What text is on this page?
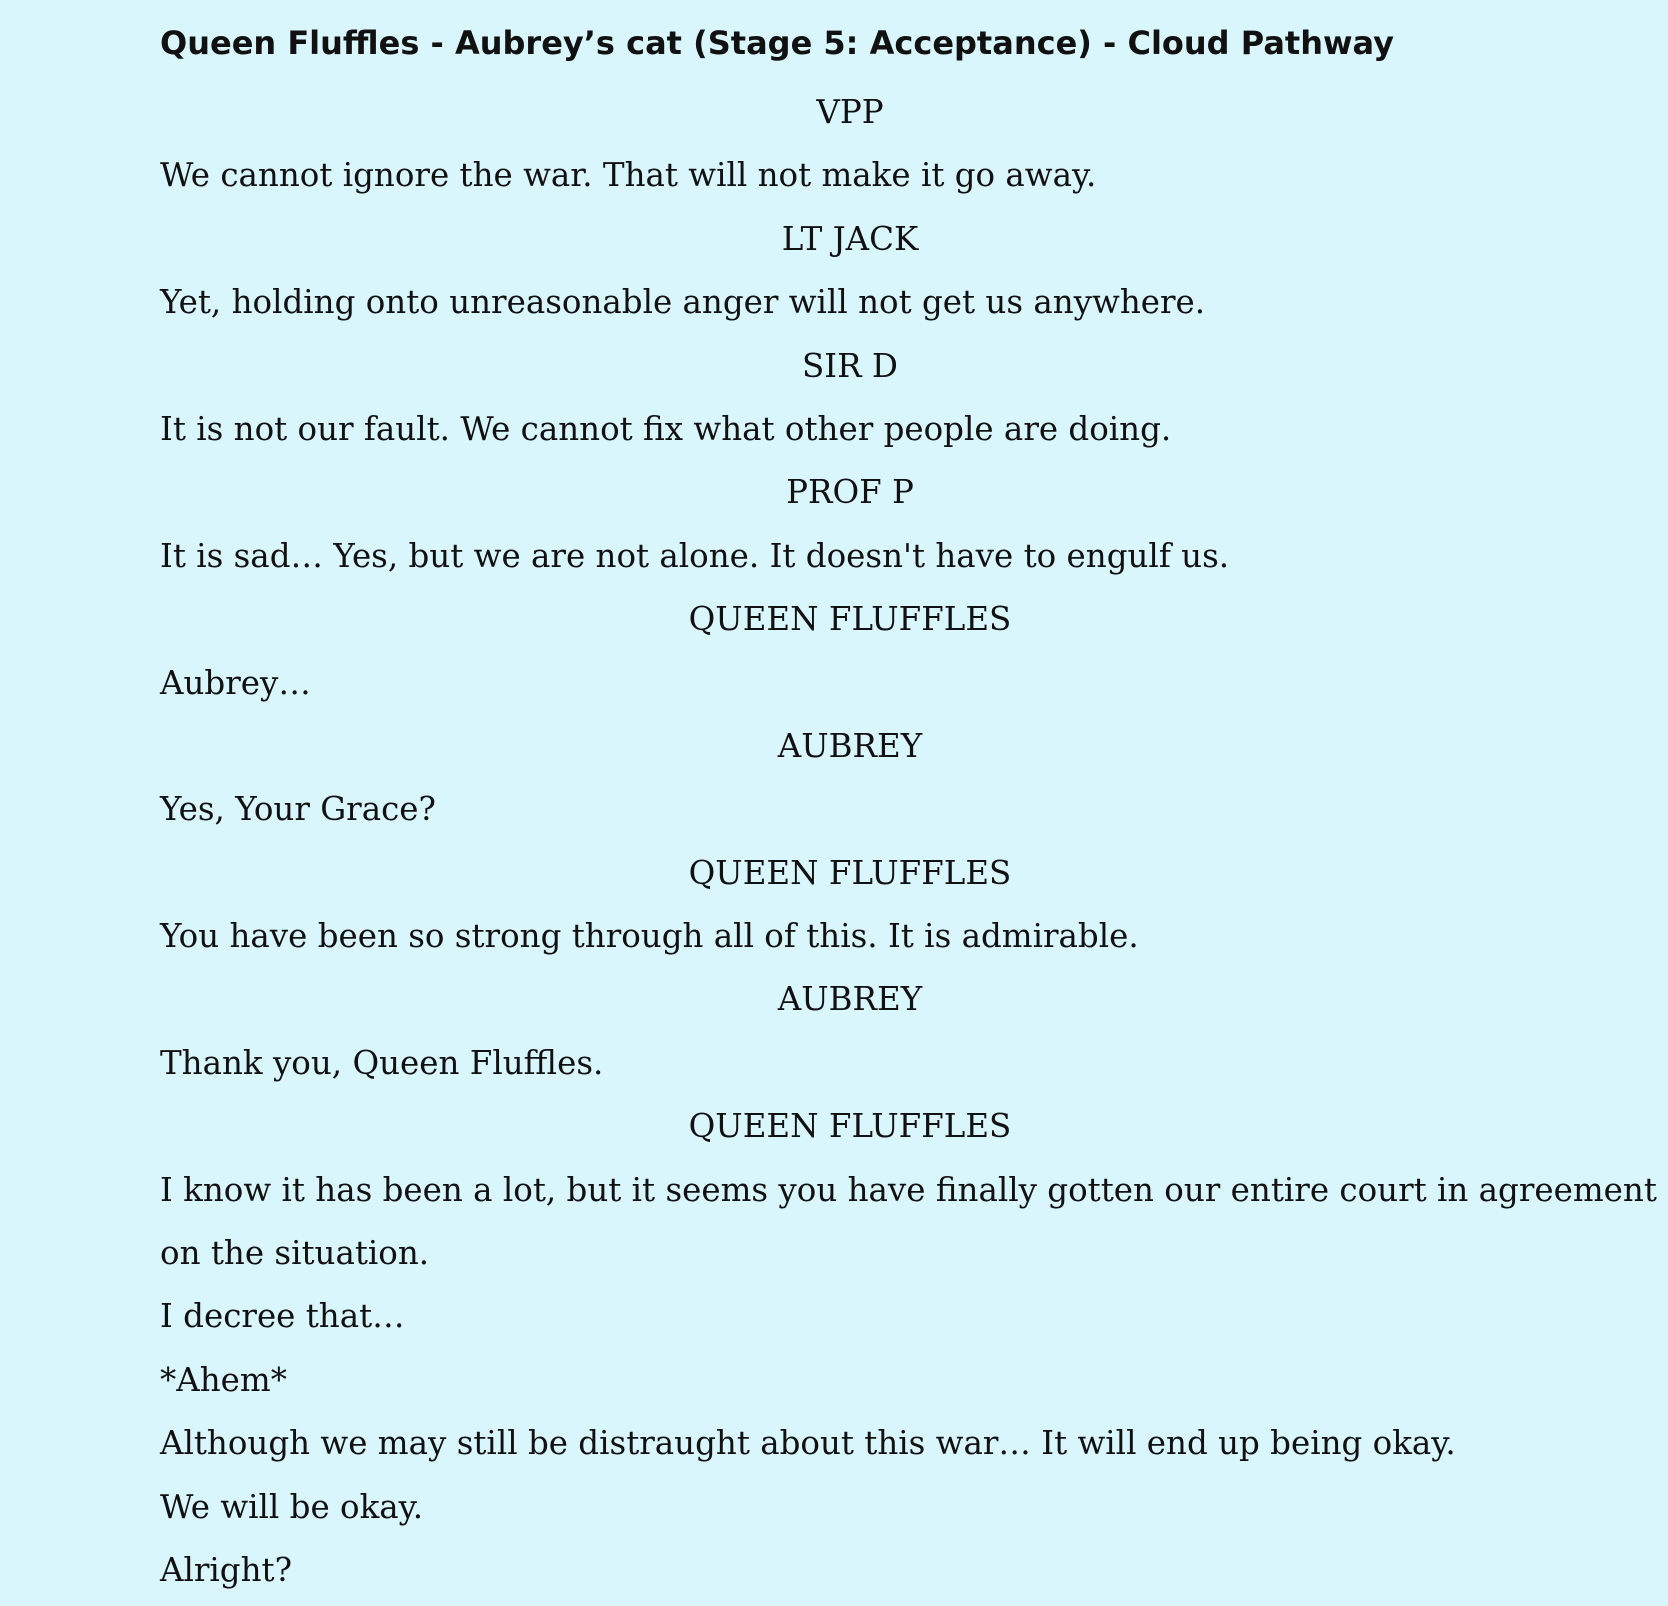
Queen Fluffles - Aubrey’s cat (Stage 5: Acceptance) - Cloud Pathway
VPP
We cannot ignore the war. That will not make it go away.
LT JACK
Yet, holding onto unreasonable anger will not get us anywhere.
SIR D
It is not our fault. We cannot fix what other people are doing.
PROF P
It is sad… Yes, but we are not alone. It doesn't have to engulf us.
QUEEN FLUFFLES
Aubrey…
AUBREY
Yes, Your Grace?
QUEEN FLUFFLES
You have been so strong through all of this. It is admirable.
AUBREY
Thank you, Queen Fluffles.
QUEEN FLUFFLES
I know it has been a lot, but it seems you have finally gotten our entire court in agreement
on the situation.
I decree that…
*Ahem*
Although we may still be distraught about this war… It will end up being okay.
We will be okay.
Alright?
